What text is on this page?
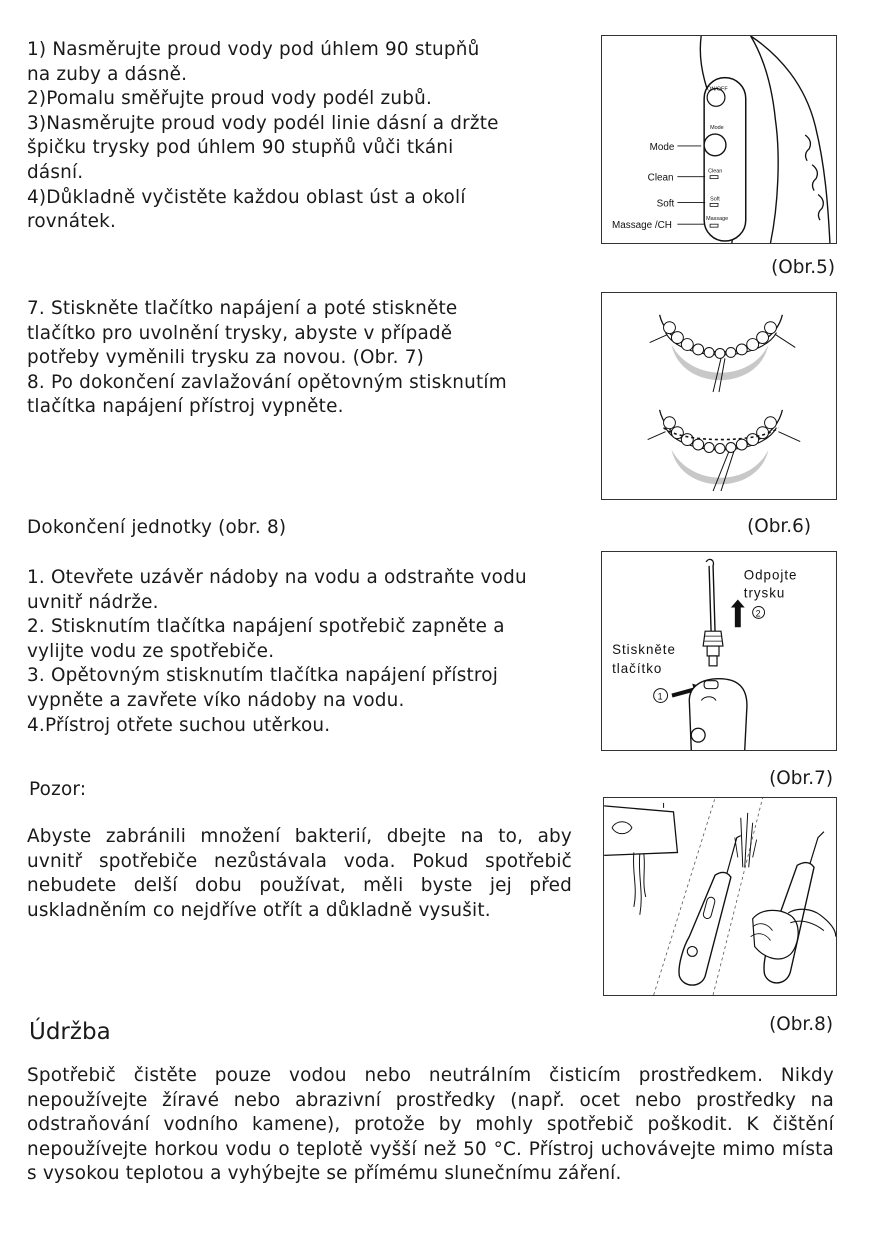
1) Nasměrujte proud vody pod úhlem 90 stupňů

na zuby a dásně.

2)Pomalu směřujte proud vody podél zubů.

3)Nasměrujte proud vody podél linie dásní a držte

špičku trysky pod úhlem 90 stupňů vůči tkáni

dásní.

4)Důkladně vyčistěte každou oblast úst a okolí

rovnátek.

ON/OFF
Mode
Clean
Soft
Massage
Mode
Clean
Soft
Massage /CH
(Obr.5)

7. Stiskněte tlačítko napájení a poté stiskněte

tlačítko pro uvolnění trysky, abyste v případě

potřeby vyměnili trysku za novou. (Obr. 7)

8. Po dokončení zavlažování opětovným stisknutím

tlačítka napájení přístroj vypněte.

Dokončení jednotky (obr. 8)	(Obr.6)

1. Otevřete uzávěr nádoby na vodu a odstraňte vodu

uvnitř nádrže.

2. Stisknutím tlačítka napájení spotřebič zapněte a

vylijte vodu ze spotřebiče.

3. Opětovným stisknutím tlačítka napájení přístroj

vypněte a zavřete víko nádoby na vodu.

4.Přístroj otřete suchou utěrkou.

2
Odpojte
trysku
Stiskněte
tlačítko
1
(Obr.7)
Pozor:

Abyste zabránili množení bakterií, dbejte na to, aby uvnitř spotřebiče nezůstávala voda. Pokud spotřebič nebudete delší dobu používat, měli byste jej před uskladněním co nejdříve otřít a důkladně vysušit.

Údržba	(Obr.8)

Spotřebič čistěte pouze vodou nebo neutrálním čisticím prostředkem. Nikdy nepoužívejte žíravé nebo abrazivní prostředky (např. ocet nebo prostředky na odstraňování vodního kamene), protože by mohly spotřebič poškodit. K čištění nepoužívejte horkou vodu o teplotě vyšší než 50 °C. Přístroj uchovávejte mimo místa s vysokou teplotou a vyhýbejte se přímému slunečnímu záření.
